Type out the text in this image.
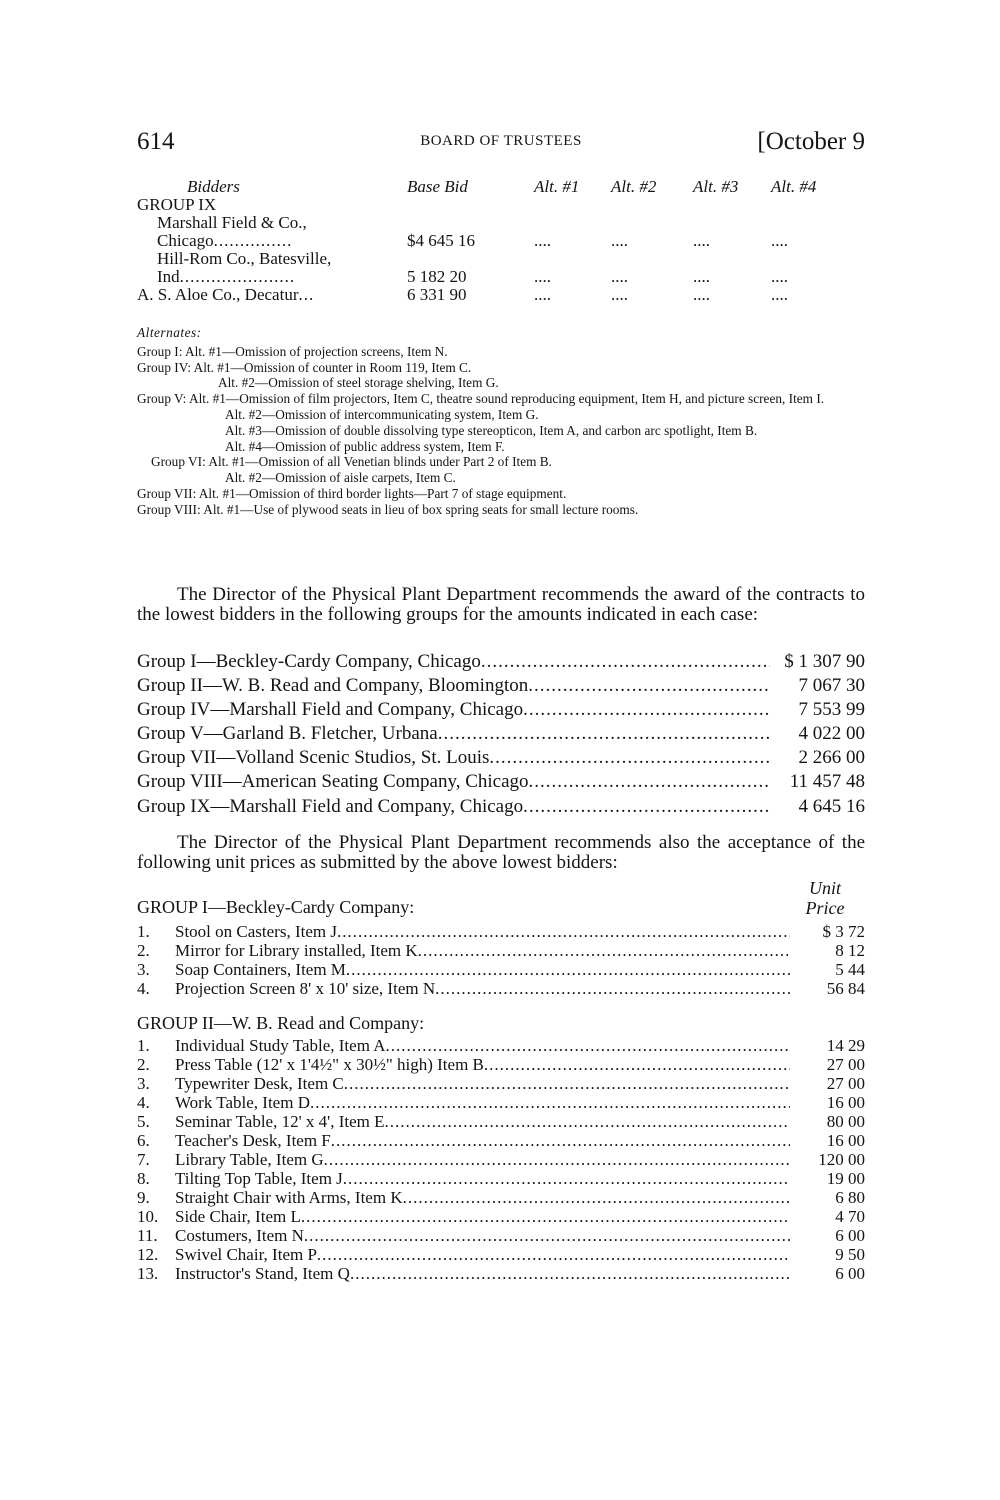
614	BOARD OF TRUSTEES	[October 9
Bidders	Base Bid	Alt. #1 Alt. #2 Alt. #3 Alt. #4
GROUP IX
Marshall Field & Co.,
Chicago...............	$4 645 16	....	....	....	....
Hill-Rom Co., Batesville,
Ind......................	5 182 20	....	....	....	....
A. S. Aloe Co., Decatur...	6 331 90	....	....	....	....
Alternates:

Group I: Alt. #1—Omission of projection screens, Item N.

Group IV: Alt. #1—Omission of counter in Room 119, Item C.

Alt. #2—Omission of steel storage shelving, Item G.

Group V: Alt. #1—Omission of film projectors, Item C, theatre sound reproducing equipment, Item H, and picture screen, Item I.

Alt. #2—Omission of intercommunicating system, Item G.

Alt. #3—Omission of double dissolving type stereopticon, Item A, and carbon arc spotlight, Item B.

Alt. #4—Omission of public address system, Item F.

Group VI: Alt. #1—Omission of all Venetian blinds under Part 2 of Item B.

Alt. #2—Omission of aisle carpets, Item C.

Group VII: Alt. #1—Omission of third border lights—Part 7 of stage equipment.

Group VIII: Alt. #1—Use of plywood seats in lieu of box spring seats for small lecture rooms.

The Director of the Physical Plant Department recommends the award of the contracts to the lowest bidders in the following groups for the amounts indicated in each case:

Group I—Beckley-Cardy Company, Chicago .....	$ 1 307 90
Group II—W. B. Read and Company, Bloomington .....	7 067 30
Group IV—Marshall Field and Company, Chicago .....	7 553 99
Group V—Garland B. Fletcher, Urbana .....	4 022 00
Group VII—Volland Scenic Studios, St. Louis .....	2 266 00
Group VIII—American Seating Company, Chicago .....	11 457 48
Group IX—Marshall Field and Company, Chicago .....	4 645 16

The Director of the Physical Plant Department recommends also the acceptance of the following unit prices as submitted by the above lowest bidders:

Unit
Price
GROUP I—Beckley-Cardy Company:
1. Stool on Casters, Item J .....	$ 3 72
2. Mirror for Library installed, Item K .....	8 12
3. Soap Containers, Item M .....	5 44
4. Projection Screen 8' x 10' size, Item N .....	56 84
GROUP II—W. B. Read and Company:
1. Individual Study Table, Item A .....	14 29
2. Press Table (12' x 1'4½" x 30½" high) Item B .....	27 00
3. Typewriter Desk, Item C .....	27 00
4. Work Table, Item D .....	16 00
5. Seminar Table, 12' x 4', Item E .....	80 00
6. Teacher's Desk, Item F .....	16 00
7. Library Table, Item G .....	120 00
8. Tilting Top Table, Item J .....	19 00
9. Straight Chair with Arms, Item K .....	6 80
10. Side Chair, Item L .....	4 70
11. Costumers, Item N .....	6 00
12. Swivel Chair, Item P .....	9 50
13. Instructor's Stand, Item Q .....	6 00
